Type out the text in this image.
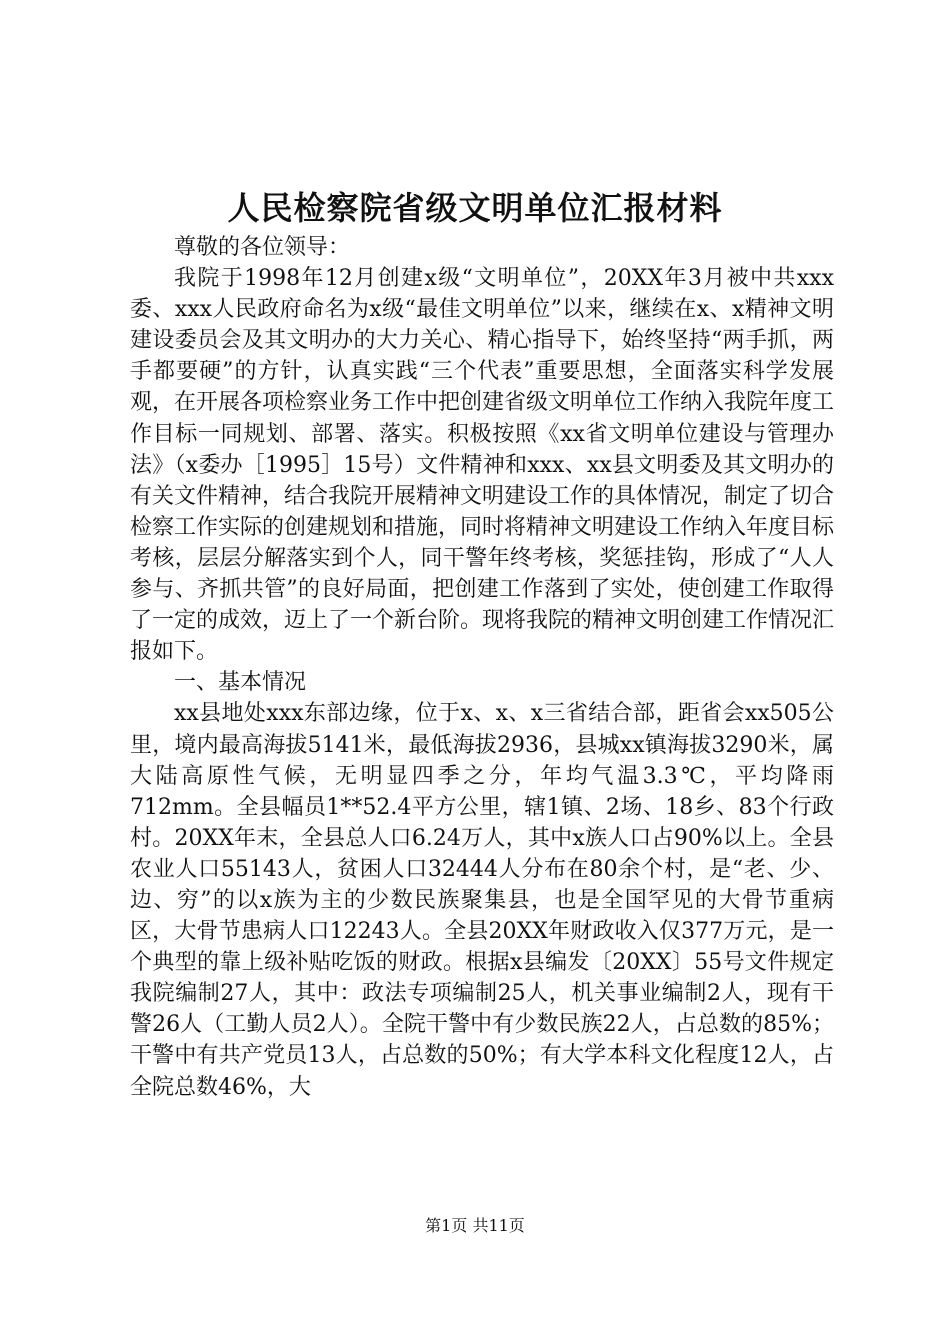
人民检察院省级文明单位汇报材料

尊敬的各位领导：

我院于1998年12月创建x级“文明单位”，20XX年3月被中共xxx委、xxx人民政府命名为x级“最佳文明单位”以来，继续在x、x精神文明建设委员会及其文明办的大力关心、精心指导下，始终坚持“两手抓，两手都要硬”的方针，认真实践“三个代表”重要思想，全面落实科学发展观，在开展各项检察业务工作中把创建省级文明单位工作纳入我院年度工作目标一同规划、部署、落实。积极按照《xx省文明单位建设与管理办法》（x委办［1995］15号）文件精神和xxx、xx县文明委及其文明办的有关文件精神，结合我院开展精神文明建设工作的具体情况，制定了切合检察工作实际的创建规划和措施，同时将精神文明建设工作纳入年度目标考核，层层分解落实到个人，同干警年终考核，奖惩挂钩，形成了“人人参与、齐抓共管”的良好局面，把创建工作落到了实处，使创建工作取得了一定的成效，迈上了一个新台阶。现将我院的精神文明创建工作情况汇报如下。

一、基本情况

xx县地处xxx东部边缘，位于x、x、x三省结合部，距省会xx505公里，境内最高海拔5141米，最低海拔2936，县城xx镇海拔3290米，属大陆高原性气候，无明显四季之分，年均气温3.3℃，平均降雨712mm。全县幅员1**52.4平方公里，辖1镇、2场、18乡、83个行政村。20XX年末，全县总人口6.24万人，其中x族人口占90%以上。全县农业人口55143人，贫困人口32444人分布在80余个村，是“老、少、边、穷”的以x族为主的少数民族聚集县，也是全国罕见的大骨节重病区，大骨节患病人口12243人。全县20XX年财政收入仅377万元，是一个典型的靠上级补贴吃饭的财政。根据x县编发〔20XX〕55号文件规定我院编制27人，其中：政法专项编制25人，机关事业编制2人，现有干警26人（工勤人员2人）。全院干警中有少数民族22人，占总数的85%；干警中有共产党员13人，占总数的50%；有大学本科文化程度12人，占全院总数46%，大

第1页 共11页
